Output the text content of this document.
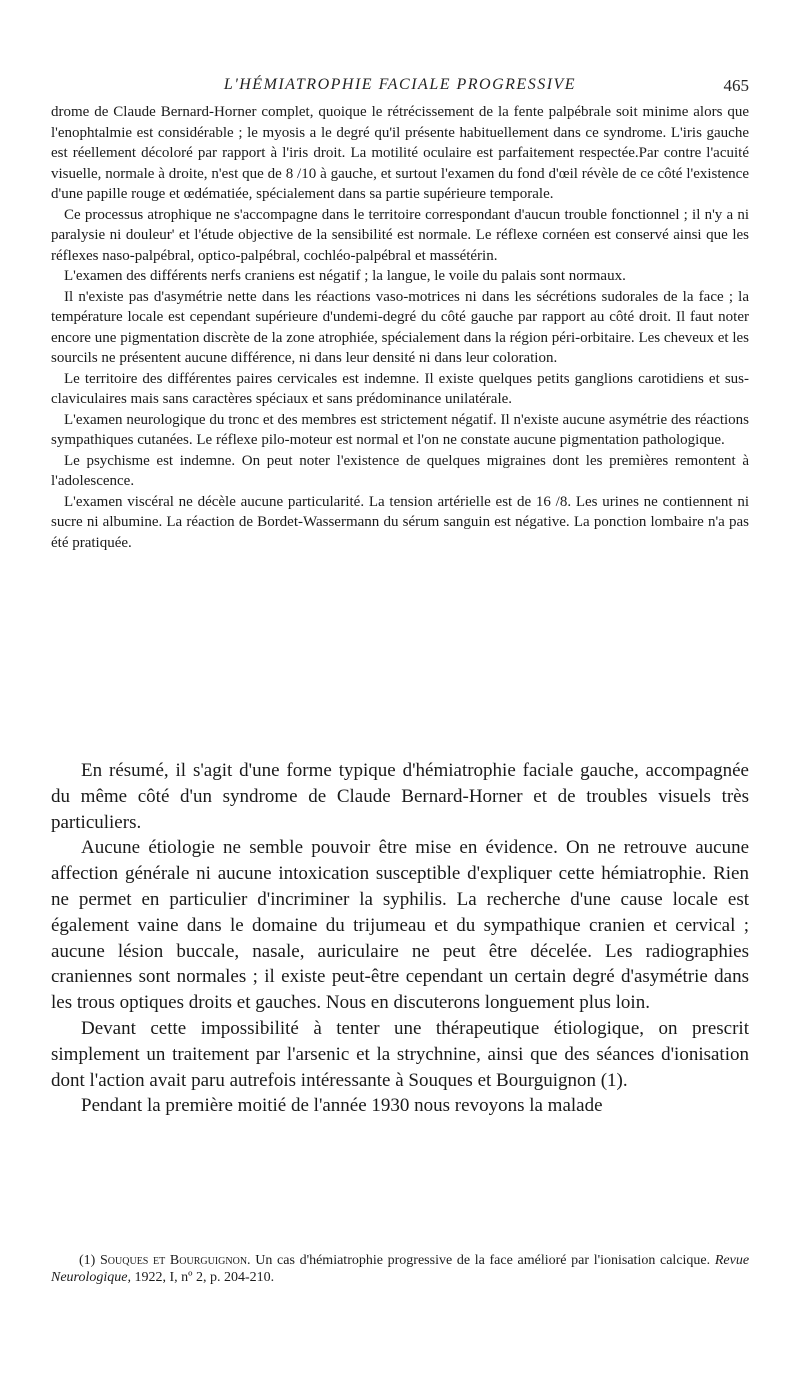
L'HÉMIATROPHIE FACIALE PROGRESSIVE	465

drome de Claude Bernard-Horner complet, quoique le rétrécissement de la fente palpébrale soit minime alors que l'enophtalmie est considérable ; le myosis a le degré qu'il présente habituellement dans ce syndrome. L'iris gauche est réellement décoloré par rapport à l'iris droit. La motilité oculaire est parfaitement respectée.Par contre l'acuité visuelle, normale à droite, n'est que de 8 /10 à gauche, et surtout l'examen du fond d'œil révèle de ce côté l'existence d'une papille rouge et œdématiée, spécialement dans sa partie supérieure temporale.

Ce processus atrophique ne s'accompagne dans le territoire correspondant d'aucun trouble fonctionnel ; il n'y a ni paralysie ni douleur' et l'étude objective de la sensibilité est normale. Le réflexe cornéen est conservé ainsi que les réflexes naso-palpébral, optico-palpébral, cochléo-palpébral et massétérin.

L'examen des différents nerfs craniens est négatif ; la langue, le voile du palais sont normaux.

Il n'existe pas d'asymétrie nette dans les réactions vaso-motrices ni dans les sécrétions sudorales de la face ; la température locale est cependant supérieure d'undemi-degré du côté gauche par rapport au côté droit. Il faut noter encore une pigmentation discrète de la zone atrophiée, spécialement dans la région péri-orbitaire. Les cheveux et les sourcils ne présentent aucune différence, ni dans leur densité ni dans leur coloration.

Le territoire des différentes paires cervicales est indemne. Il existe quelques petits ganglions carotidiens et sus-claviculaires mais sans caractères spéciaux et sans prédominance unilatérale.

L'examen neurologique du tronc et des membres est strictement négatif. Il n'existe aucune asymétrie des réactions sympathiques cutanées. Le réflexe pilo-moteur est normal et l'on ne constate aucune pigmentation pathologique.

Le psychisme est indemne. On peut noter l'existence de quelques migraines dont les premières remontent à l'adolescence.

L'examen viscéral ne décèle aucune particularité. La tension artérielle est de 16 /8. Les urines ne contiennent ni sucre ni albumine. La réaction de Bordet-Wassermann du sérum sanguin est négative. La ponction lombaire n'a pas été pratiquée.

En résumé, il s'agit d'une forme typique d'hémiatrophie faciale gauche, accompagnée du même côté d'un syndrome de Claude Bernard-Horner et de troubles visuels très particuliers.

Aucune étiologie ne semble pouvoir être mise en évidence. On ne retrouve aucune affection générale ni aucune intoxication susceptible d'expliquer cette hémiatrophie. Rien ne permet en particulier d'incriminer la syphilis. La recherche d'une cause locale est également vaine dans le domaine du trijumeau et du sympathique cranien et cervical ; aucune lésion buccale, nasale, auriculaire ne peut être décelée. Les radiographies craniennes sont normales ; il existe peut-être cependant un certain degré d'asymétrie dans les trous optiques droits et gauches. Nous en discuterons longuement plus loin.

Devant cette impossibilité à tenter une thérapeutique étiologique, on prescrit simplement un traitement par l'arsenic et la strychnine, ainsi que des séances d'ionisation dont l'action avait paru autrefois intéressante à Souques et Bourguignon (1).

Pendant la première moitié de l'année 1930 nous revoyons la malade

(1) Souques et Bourguignon. Un cas d'hémiatrophie progressive de la face amélioré par l'ionisation calcique. Revue Neurologique, 1922, I, nº 2, p. 204-210.
